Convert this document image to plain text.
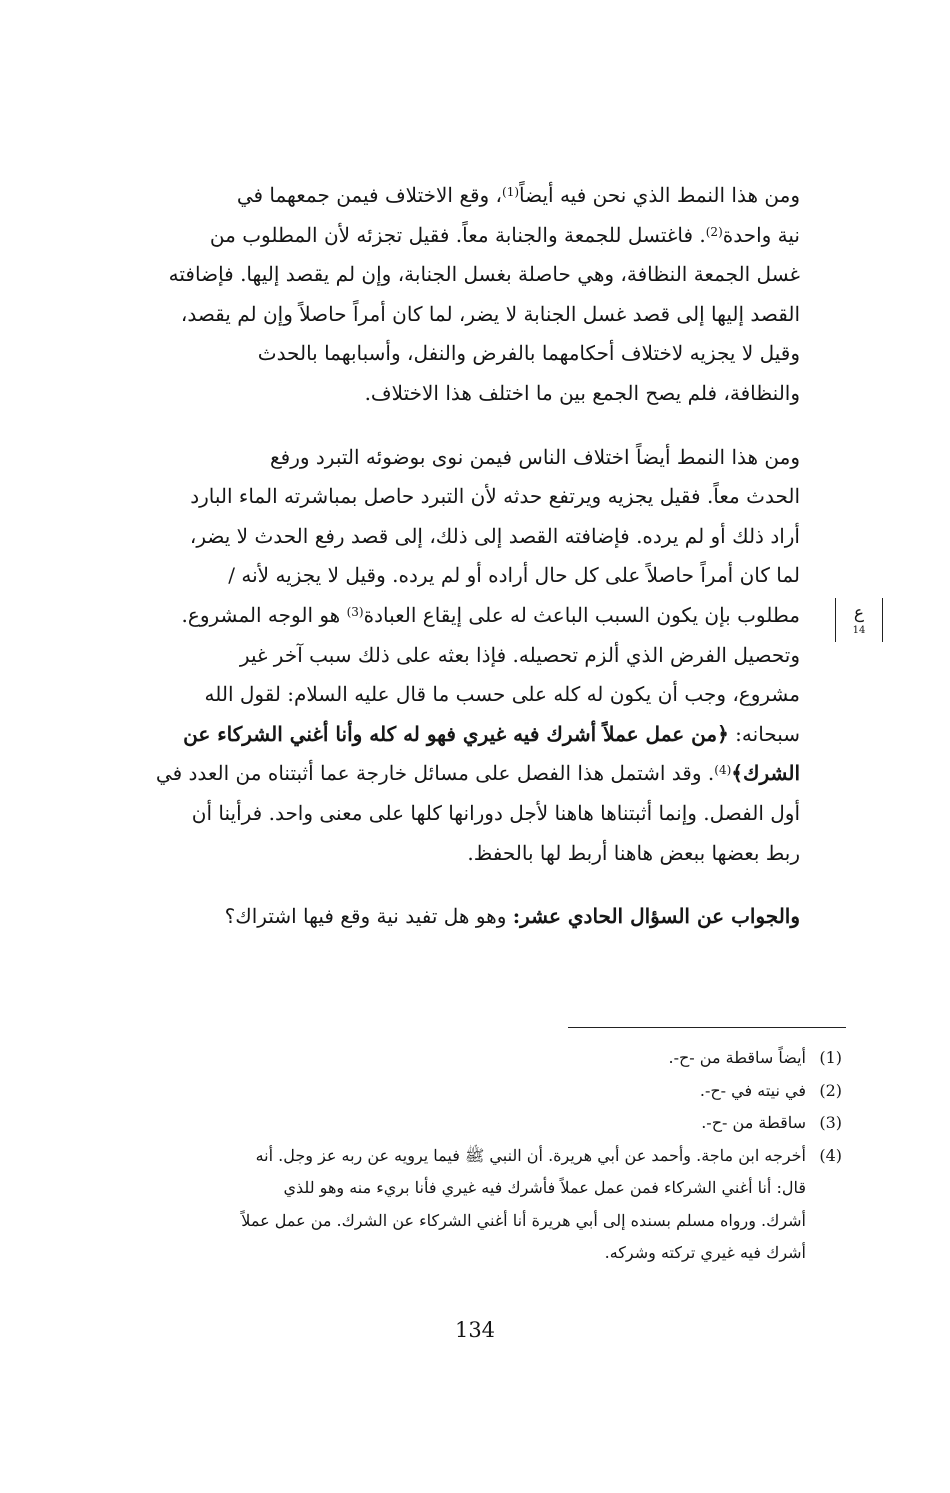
ومن هذا النمط الذي نحن فيه أيضاً$^{(1)}$، وقع الاختلاف فيمن جمعهما في
نية واحدة$^{(2)}$. فاغتسل للجمعة والجنابة معاً. فقيل تجزئه لأن المطلوب من
غسل الجمعة النظافة، وهي حاصلة بغسل الجنابة، وإن لم يقصد إليها. فإضافته
القصد إليها إلى قصد غسل الجنابة لا يضر، لما كان أمراً حاصلاً وإن لم يقصد،
وقيل لا يجزيه لاختلاف أحكامهما بالفرض والنفل، وأسبابهما بالحدث
والنظافة، فلم يصح الجمع بين ما اختلف هذا الاختلاف.

ومن هذا النمط أيضاً اختلاف الناس فيمن نوى بوضوئه التبرد ورفع
الحدث معاً. فقيل يجزيه ويرتفع حدثه لأن التبرد حاصل بمباشرته الماء البارد
أراد ذلك أو لم يرده. فإضافته القصد إلى ذلك، إلى قصد رفع الحدث لا يضر،
لما كان أمراً حاصلاً على كل حال أراده أو لم يرده. وقيل لا يجزيه لأنه /
مطلوب بإن يكون السبب الباعث له على إيقاع العبادة$^{(3)}$ هو الوجه المشروع.
وتحصيل الفرض الذي ألزم تحصيله. فإذا بعثه على ذلك سبب آخر غير
مشروع، وجب أن يكون له كله على حسب ما قال عليه السلام: لقول الله
سبحانه: ﴿من عمل عملاً أشرك فيه غيري فهو له كله وأنا أغني الشركاء عن
الشرك﴾$^{(4)}$. وقد اشتمل هذا الفصل على مسائل خارجة عما أثبتناه من العدد في
أول الفصل. وإنما أثبتناها هاهنا لأجل دورانها كلها على معنى واحد. فرأينا أن
ربط بعضها ببعض هاهنا أربط لها بالحفظ.

والجواب عن السؤال الحادي عشر: وهو هل تفيد نية وقع فيها اشتراك؟

ع
14
(1)
أيضاً ساقطة من -ح-.
(2)
في نيته في -ح-.
(3)
ساقطة من -ح-.
(4)
أخرجه ابن ماجة. وأحمد عن أبي هريرة. أن النبي ﷺ فيما يرويه عن ربه عز وجل. أنه
قال: أنا أغني الشركاء فمن عمل عملاً فأشرك فيه غيري فأنا بريء منه وهو للذي
أشرك. ورواه مسلم بسنده إلى أبي هريرة أنا أغني الشركاء عن الشرك. من عمل عملاً
أشرك فيه غيري تركته وشركه.
134
